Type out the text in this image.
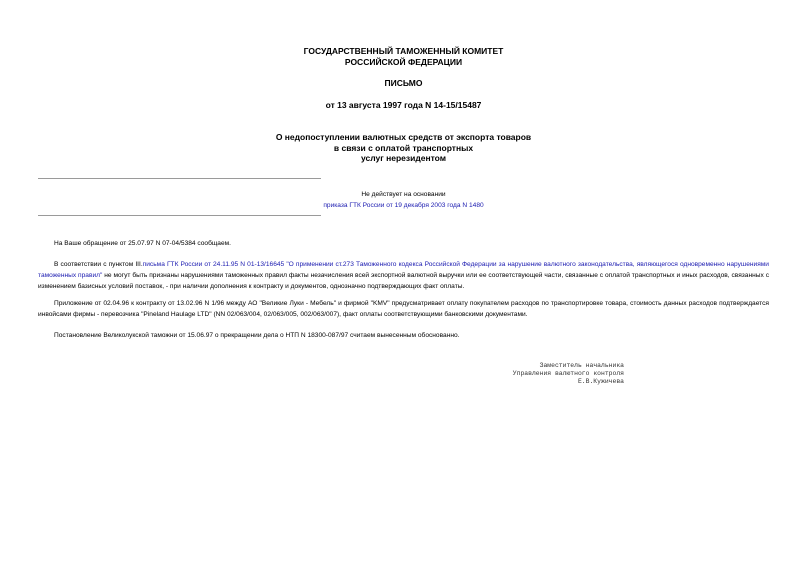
ГОСУДАРСТВЕННЫЙ ТАМОЖЕННЫЙ КОМИТЕТ
РОССИЙСКОЙ ФЕДЕРАЦИИ
ПИСЬМО
от 13 августа 1997 года N 14-15/15487
О недопоступлении валютных средств от экспорта товаров
в связи с оплатой транспортных
услуг нерезидентом
Не действует на основании
приказа ГТК России от 19 декабря 2003 года N 1480
На Ваше обращение от 25.07.97 N 07-04/5384 сообщаем.
В соответствии с пунктом III.письма ГТК России от 24.11.95 N 01-13/16645 "О применении ст.273 Таможенного кодекса Российской Федерации за нарушение валютного законодательства, являющегося одновременно нарушениями таможенных правил" не могут быть признаны нарушениями таможенных правил факты незачисления всей экспортной валютной выручки или ее соответствующей части, связанные с оплатой транспортных и иных расходов, связанных с изменением базисных условий поставок, - при наличии дополнения к контракту и документов, однозначно подтверждающих факт оплаты.
Приложение от 02.04.96 к контракту от 13.02.96 N 1/96 между АО "Великие Луки - Мебель" и фирмой "KMV" предусматривает оплату покупателем расходов по транспортировке товара, стоимость данных расходов подтверждается инвойсами фирмы - перевозчика "Pineland Haulage LTD" (NN 02/063/004, 02/063/005, 002/063/007), факт оплаты соответствующими банковскими документами.
Постановление Великолукской таможни от 15.06.97 о прекращении дела о НТП N 18300-087/97 считаем вынесенным обоснованно.
Заместитель начальника
Управления валютного контроля
Е.В.Кужичева
